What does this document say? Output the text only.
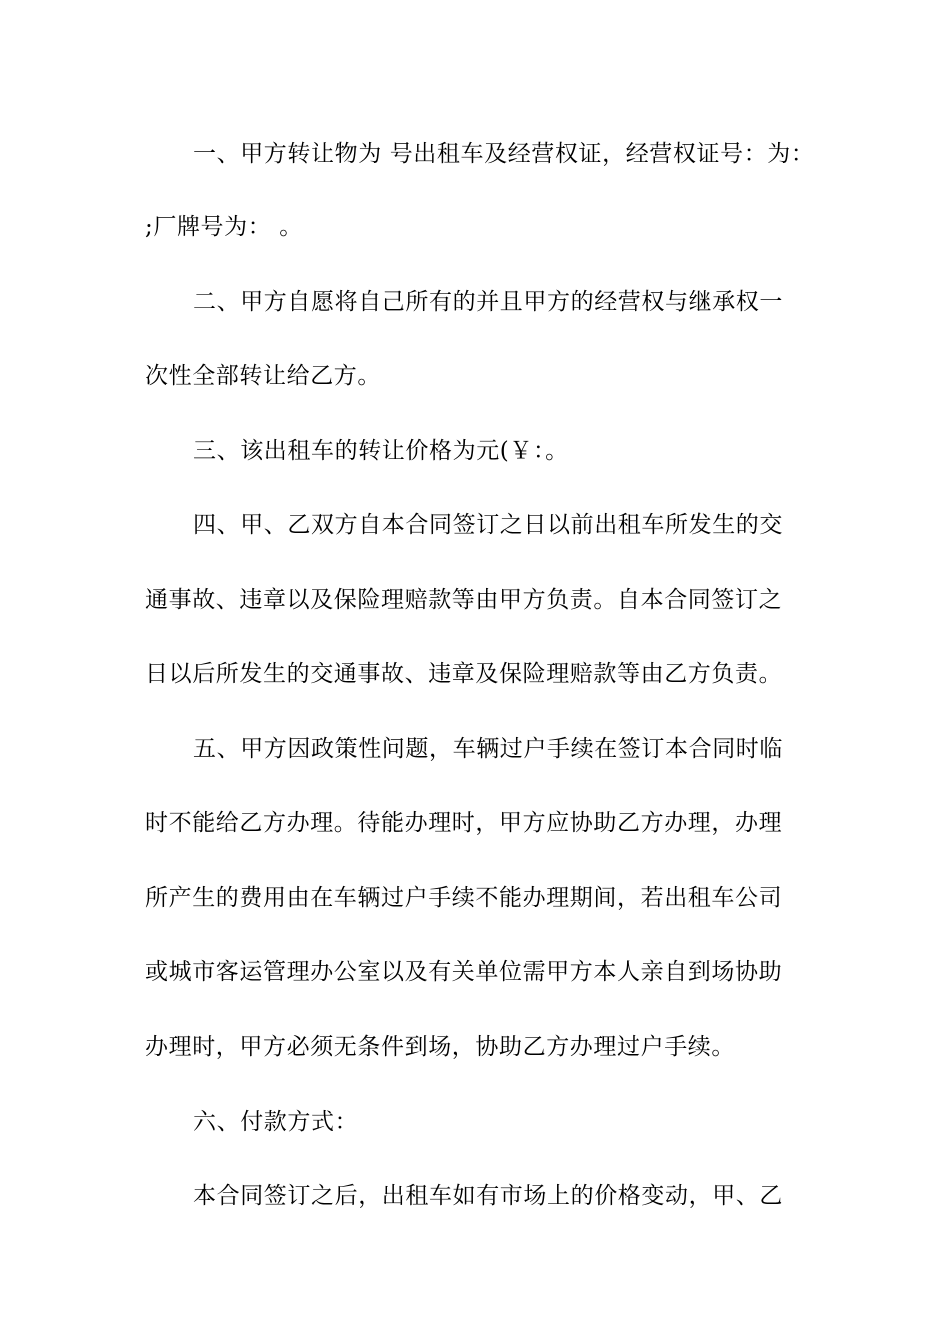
一、甲方转让物为 号出租车及经营权证，经营权证号：为：
;厂牌号为： 。
二、甲方自愿将自己所有的并且甲方的经营权与继承权一
次性全部转让给乙方。
三、该出租车的转让价格为元(￥：。
四、甲、乙双方自本合同签订之日以前出租车所发生的交
通事故、违章以及保险理赔款等由甲方负责。自本合同签订之
日以后所发生的交通事故、违章及保险理赔款等由乙方负责。
五、甲方因政策性问题，车辆过户手续在签订本合同时临
时不能给乙方办理。待能办理时，甲方应协助乙方办理，办理
所产生的费用由在车辆过户手续不能办理期间，若出租车公司
或城市客运管理办公室以及有关单位需甲方本人亲自到场协助
办理时，甲方必须无条件到场，协助乙方办理过户手续。
六、付款方式：
本合同签订之后，出租车如有市场上的价格变动，甲、乙
